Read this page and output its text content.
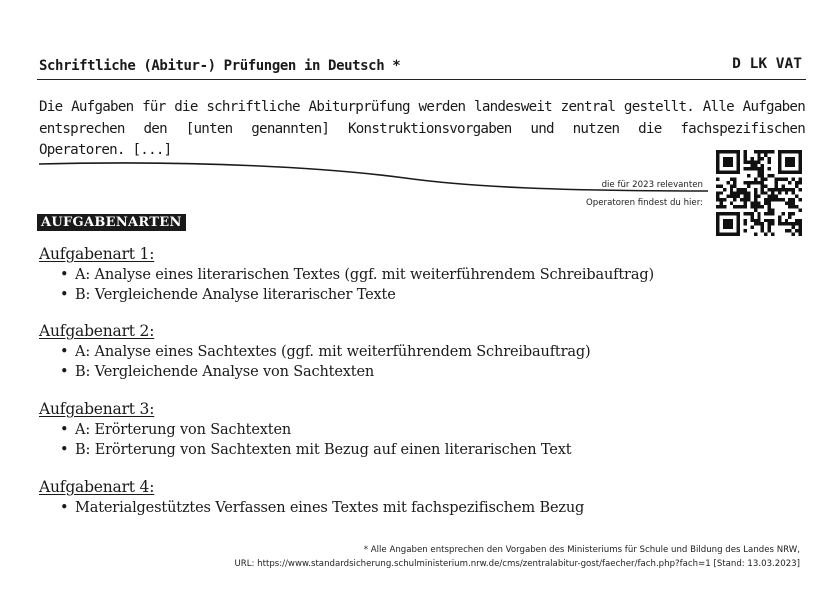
Schriftliche (Abitur-) Prüfungen in Deutsch *	D LK VAT
Die Aufgaben für die schriftliche Abiturprüfung werden landesweit zentral gestellt. Alle Aufgaben entsprechen den [unten genannten] Konstruktionsvorgaben und nutzen die fachspezifischen Operatoren. [...]
die für 2023 relevanten
Operatoren findest du hier:
AUFGABENARTEN
Aufgabenart 1:
• A: Analyse eines literarischen Textes (ggf. mit weiterführendem Schreibauftrag)
• B: Vergleichende Analyse literarischer Texte
Aufgabenart 2:
• A: Analyse eines Sachtextes (ggf. mit weiterführendem Schreibauftrag)
• B: Vergleichende Analyse von Sachtexten
Aufgabenart 3:
• A: Erörterung von Sachtexten
• B: Erörterung von Sachtexten mit Bezug auf einen literarischen Text
Aufgabenart 4:
• Materialgestütztes Verfassen eines Textes mit fachspezifischem Bezug
* Alle Angaben entsprechen den Vorgaben des Ministeriums für Schule und Bildung des Landes NRW,
URL: https://www.standardsicherung.schulministerium.nrw.de/cms/zentralabitur-gost/faecher/fach.php?fach=1 [Stand: 13.03.2023]
